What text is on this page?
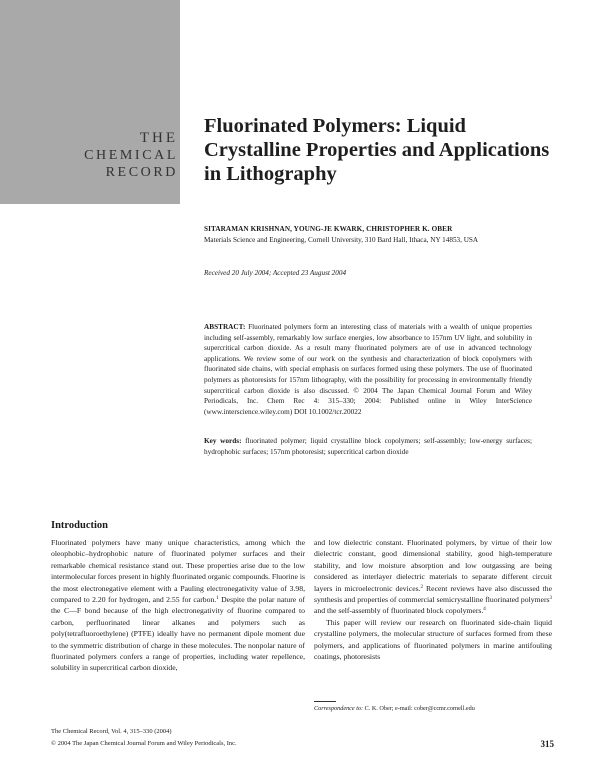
THE
CHEMICAL
RECORD
Fluorinated Polymers: Liquid Crystalline Properties and Applications in Lithography
SITARAMAN KRISHNAN, YOUNG-JE KWARK, CHRISTOPHER K. OBER
Materials Science and Engineering, Cornell University, 310 Bard Hall, Ithaca, NY 14853, USA
Received 20 July 2004; Accepted 23 August 2004
ABSTRACT: Fluorinated polymers form an interesting class of materials with a wealth of unique properties including self-assembly, remarkably low surface energies, low absorbance to 157nm UV light, and solubility in supercritical carbon dioxide. As a result many fluorinated polymers are of use in advanced technology applications. We review some of our work on the synthesis and characterization of block copolymers with fluorinated side chains, with special emphasis on surfaces formed using these polymers. The use of fluorinated polymers as photoresists for 157nm lithography, with the possibility for processing in environmentally friendly supercritical carbon dioxide is also discussed. © 2004 The Japan Chemical Journal Forum and Wiley Periodicals, Inc. Chem Rec 4: 315–330; 2004: Published online in Wiley InterScience (www.interscience.wiley.com) DOI 10.1002/tcr.20022
Key words: fluorinated polymer; liquid crystalline block copolymers; self-assembly; low-energy surfaces; hydrophobic surfaces; 157nm photoresist; supercritical carbon dioxide
Introduction

Fluorinated polymers have many unique characteristics, among which the oleophobic–hydrophobic nature of fluorinated polymer surfaces and their remarkable chemical resistance stand out. These properties arise due to the low intermolecular forces present in highly fluorinated organic compounds. Fluorine is the most electronegative element with a Pauling electronegativity value of 3.98, compared to 2.20 for hydrogen, and 2.55 for carbon.$^1$ Despite the polar nature of the C—F bond because of the high electronegativity of fluorine compared to carbon, perfluorinated linear alkanes and polymers such as poly(tetrafluoroethylene) (PTFE) ideally have no permanent dipole moment due to the symmetric distribution of charge in these molecules. The nonpolar nature of fluorinated polymers confers a range of properties, including water repellence, solubility in supercritical carbon dioxide,

and low dielectric constant. Fluorinated polymers, by virtue of their low dielectric constant, good dimensional stability, good high-temperature stability, and low moisture absorption and low outgassing are being considered as interlayer dielectric materials to separate different circuit layers in microelectronic devices.$^2$ Recent reviews have also discussed the synthesis and properties of commercial semicrystalline fluorinated polymers$^3$ and the self-assembly of fluorinated block copolymers.$^4$

This paper will review our research on fluorinated side-chain liquid crystalline polymers, the molecular structure of surfaces formed from these polymers, and applications of fluorinated polymers in marine antifouling coatings, photoresists

Correspondence to: C. K. Ober; e-mail: cober@ccmr.cornell.edu
The Chemical Record, Vol. 4, 315–330 (2004)
© 2004 The Japan Chemical Journal Forum and Wiley Periodicals, Inc.	315
